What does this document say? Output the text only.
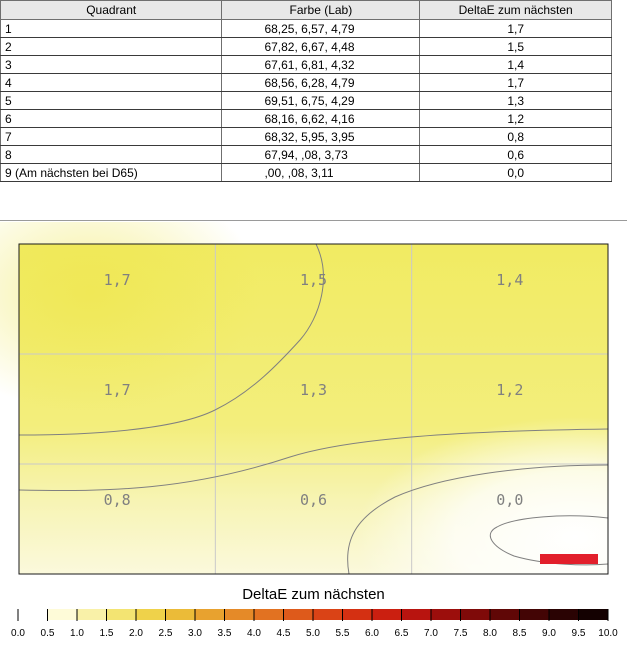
Quadrant	Farbe (Lab)	DeltaE zum nächsten
1	68,25, 6,57, 4,79	1,7
2	67,82, 6,67, 4,48	1,5
3	67,61, 6,81, 4,32	1,4
4	68,56, 6,28, 4,79	1,7
5	69,51, 6,75, 4,29	1,3
6	68,16, 6,62, 4,16	1,2
7	68,32, 5,95, 3,95	0,8
8	67,94, ,08, 3,73	0,6
9 (Am nächsten bei D65)	,00, ,08, 3,11	0,0
1,7	1,5	1,4
1,7	1,3	1,2
0,8	0,6	0,0
DeltaE zum nächsten
0.0 0.5 1.0 1.5 2.0 2.5 3.0 3.5 4.0 4.5 5.0 5.5 6.0 6.5 7.0 7.5 8.0 8.5 9.0 9.5 10.0
